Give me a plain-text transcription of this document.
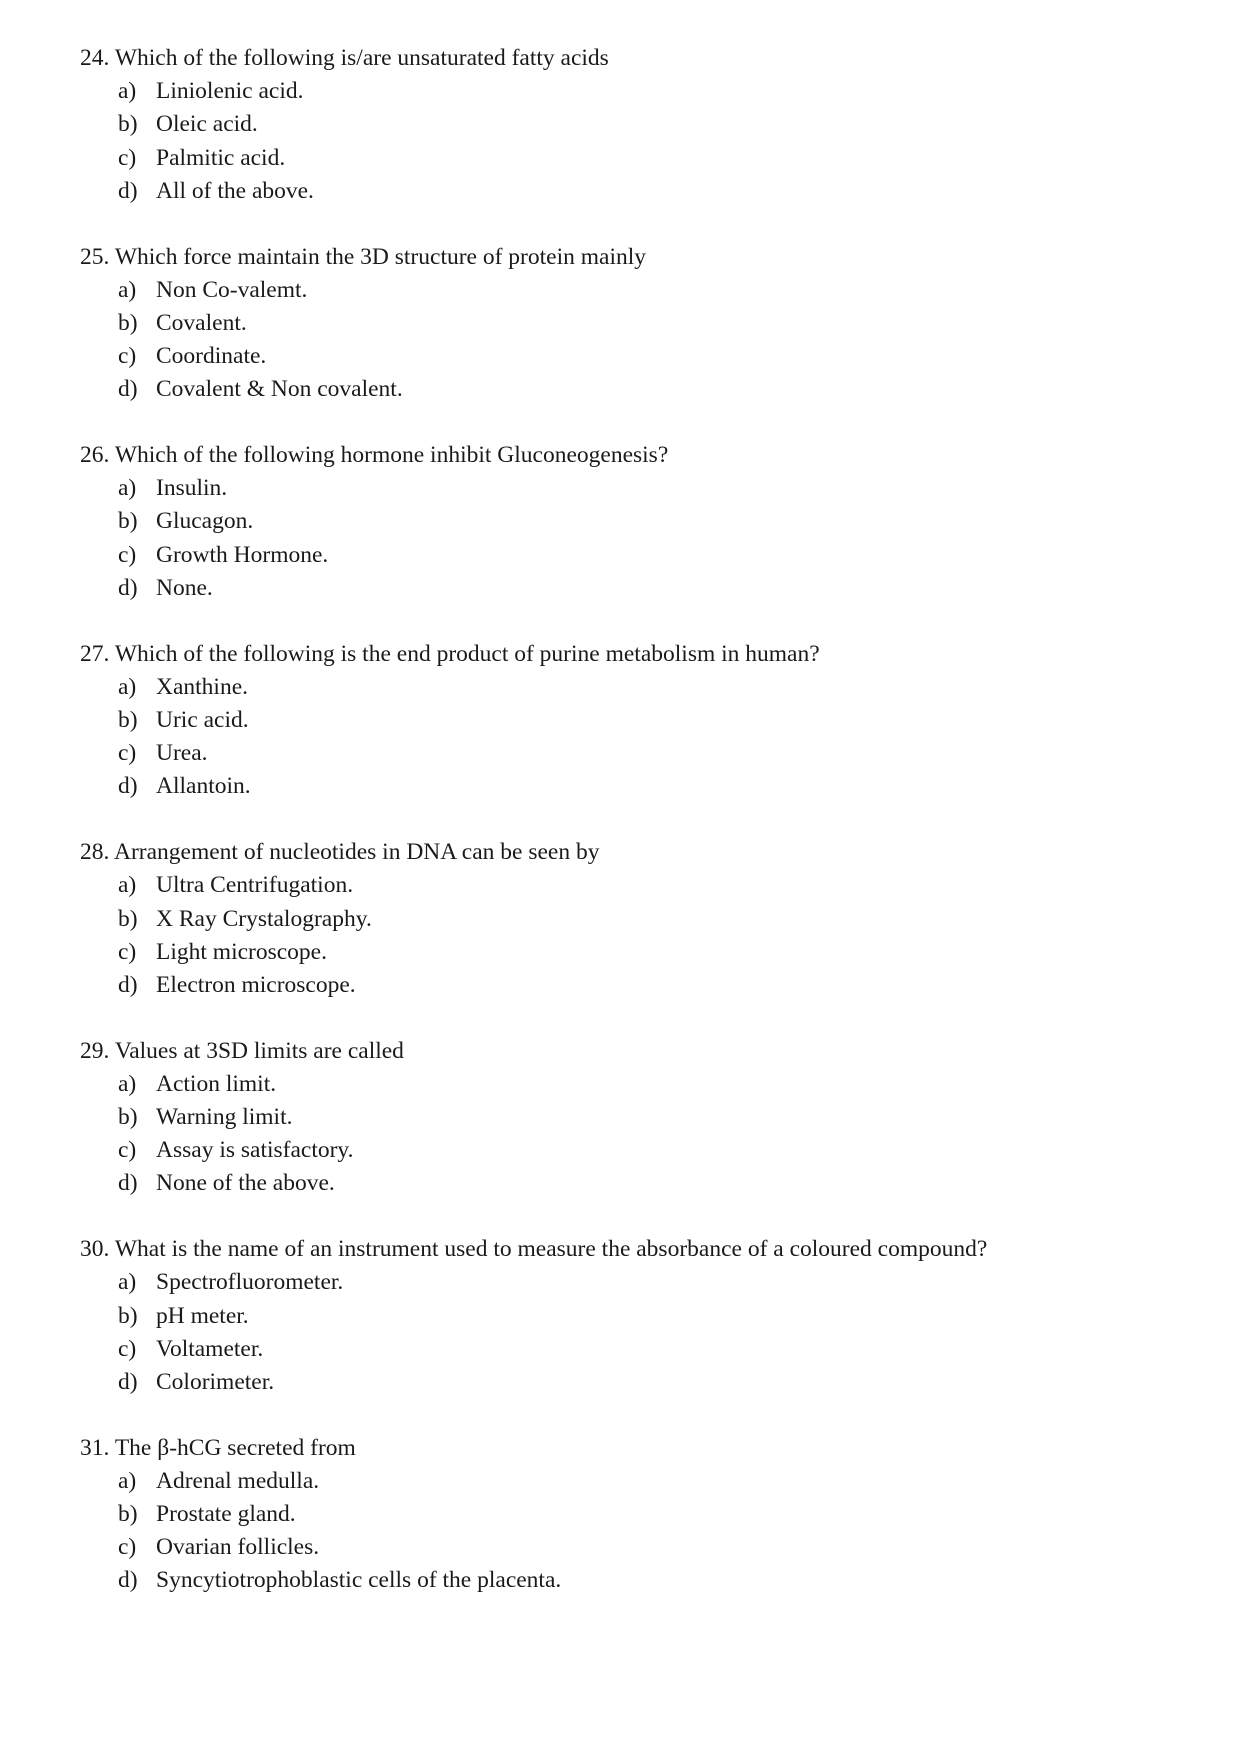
24. Which of the following is/are unsaturated fatty acids
a) Liniolenic acid.
b) Oleic acid.
c) Palmitic acid.
d) All of the above.
25. Which force maintain the 3D structure of protein mainly
a) Non Co-valemt.
b) Covalent.
c) Coordinate.
d) Covalent & Non covalent.
26. Which of the following hormone inhibit Gluconeogenesis?
a) Insulin.
b) Glucagon.
c) Growth Hormone.
d) None.
27. Which of the following is the end product of purine metabolism in human?
a) Xanthine.
b) Uric acid.
c) Urea.
d) Allantoin.
28. Arrangement of nucleotides in DNA can be seen by
a) Ultra Centrifugation.
b) X Ray Crystalography.
c) Light microscope.
d) Electron microscope.
29. Values at 3SD limits are called
a) Action limit.
b) Warning limit.
c) Assay is satisfactory.
d) None of the above.
30. What is the name of an instrument used to measure the absorbance of a coloured compound?
a) Spectrofluorometer.
b) pH meter.
c) Voltameter.
d) Colorimeter.
31. The β-hCG secreted from
a) Adrenal medulla.
b) Prostate gland.
c) Ovarian follicles.
d) Syncytiotrophoblastic cells of the placenta.
